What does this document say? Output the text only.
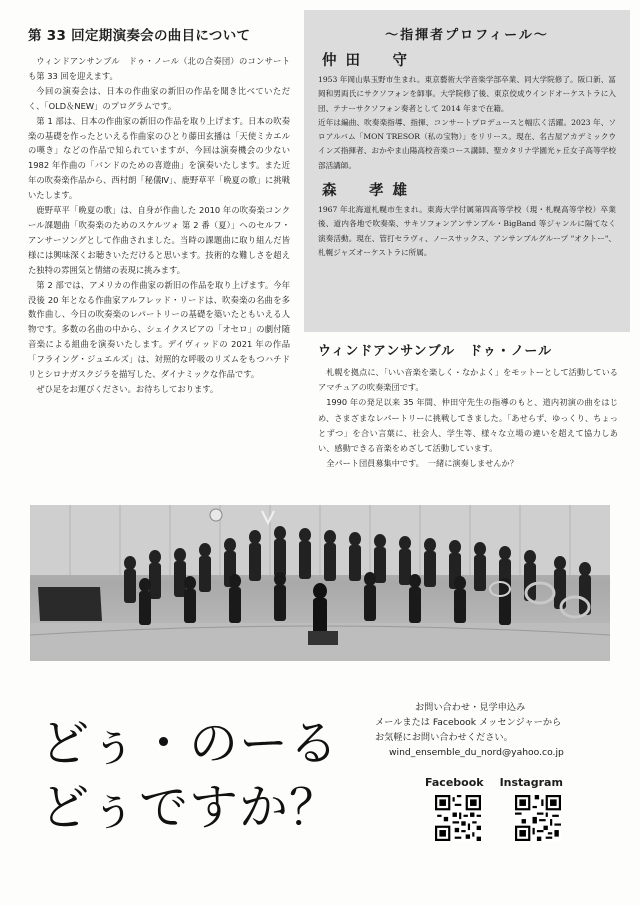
第 33 回定期演奏会の曲目について

ウィンドアンサンブル　ドゥ・ノール（北の合奏団）のコンサートも第 33 回を迎えます。

今回の演奏会は、日本の作曲家の新旧の作品を聞き比べていただく、「OLD＆NEW」のプログラムです。

第 1 部は、日本の作曲家の新旧の作品を取り上げます。日本の吹奏楽の基礎を作ったといえる作曲家のひとり藤田玄播は「天使ミカエルの嘆き」などの作品で知られていますが、今回は演奏機会の少ない 1982 年作曲の「バンドのための喜遊曲」を演奏いたします。また近年の吹奏楽作品から、西村朗「秘儀Ⅳ」、鹿野草平「晩夏の歌」に挑戦いたします。

鹿野草平「晩夏の歌」は、自身が作曲した 2010 年の吹奏楽コンクール課題曲「吹奏楽のためのスケルツォ 第 2 番（夏）」へのセルフ・アンサーソングとして作曲されました。当時の課題曲に取り組んだ皆様には興味深くお聴きいただけると思います。技術的な難しさを超えた独特の雰囲気と情緒の表現に挑みます。

第 2 部では、アメリカの作曲家の新旧の作品を取り上げます。今年没後 20 年となる作曲家アルフレッド・リードは、吹奏楽の名曲を多数作曲し、今日の吹奏楽のレパートリーの基礎を築いたともいえる人物です。多数の名曲の中から、シェイクスピアの「オセロ」の劇付随音楽による組曲を演奏いたします。デイヴィッドの 2021 年の作品「フライング・ジュエルズ」は、対照的な呼吸のリズムをもつハチドリとシロナガスクジラを描写した、ダイナミックな作品です。

ぜひ足をお運びください。お待ちしております。

〜指揮者プロフィール〜
仲田　守

1953 年岡山県玉野市生まれ。東京藝術大学音楽学部卒業、同大学院修了。阪口新、冨岡和男両氏にサクソフォンを師事。大学院修了後、東京佼成ウインドオーケストラに入団、テナーサクソフォン奏者として 2014 年まで在籍。

近年は編曲、吹奏楽指導、指揮、コンサートプロデュースと幅広く活躍。2023 年、ソロアルバム「MON TRESOR（私の宝物）」をリリース。現在、名古屋アカデミックウインズ指揮者、おかやま山陽高校音楽コース講師、聖カタリナ学園光ヶ丘女子高等学校部活講師。

森　孝雄

1967 年北海道札幌市生まれ。東海大学付属第四高等学校（現・札幌高等学校）卒業後、道内各地で吹奏楽、サキソフォンアンサンブル・BigBand 等ジャンルに隔てなく演奏活動。現在、管打セラヴィ、ノースサックス、アンサンブルグループ "オクトー"、札幌ジャズオーケストラに所属。

ウィンドアンサンブル　ドゥ・ノール

札幌を拠点に、「いい音楽を楽しく・なかよく」をモットーとして活動しているアマチュアの吹奏楽団です。

1990 年の発足以来 35 年間、仲田守先生の指導のもと、道内初演の曲をはじめ、さまざまなレパートリーに挑戦してきました。「あせらず、ゆっくり、ちょっとずつ」を合い言葉に、社会人、学生等、様々な立場の違いを超えて協力しあい、感動できる音楽をめざして活動しています。

全パート団員募集中です。　一緒に演奏しませんか？

どぅ・のーる
どぅですか？
お問い合わせ・見学申込み
メールまたは Facebook メッセンジャーから
お気軽にお問い合わせください。
wind_ensemble_du_nord@yahoo.co.jp
Facebook Instagram
